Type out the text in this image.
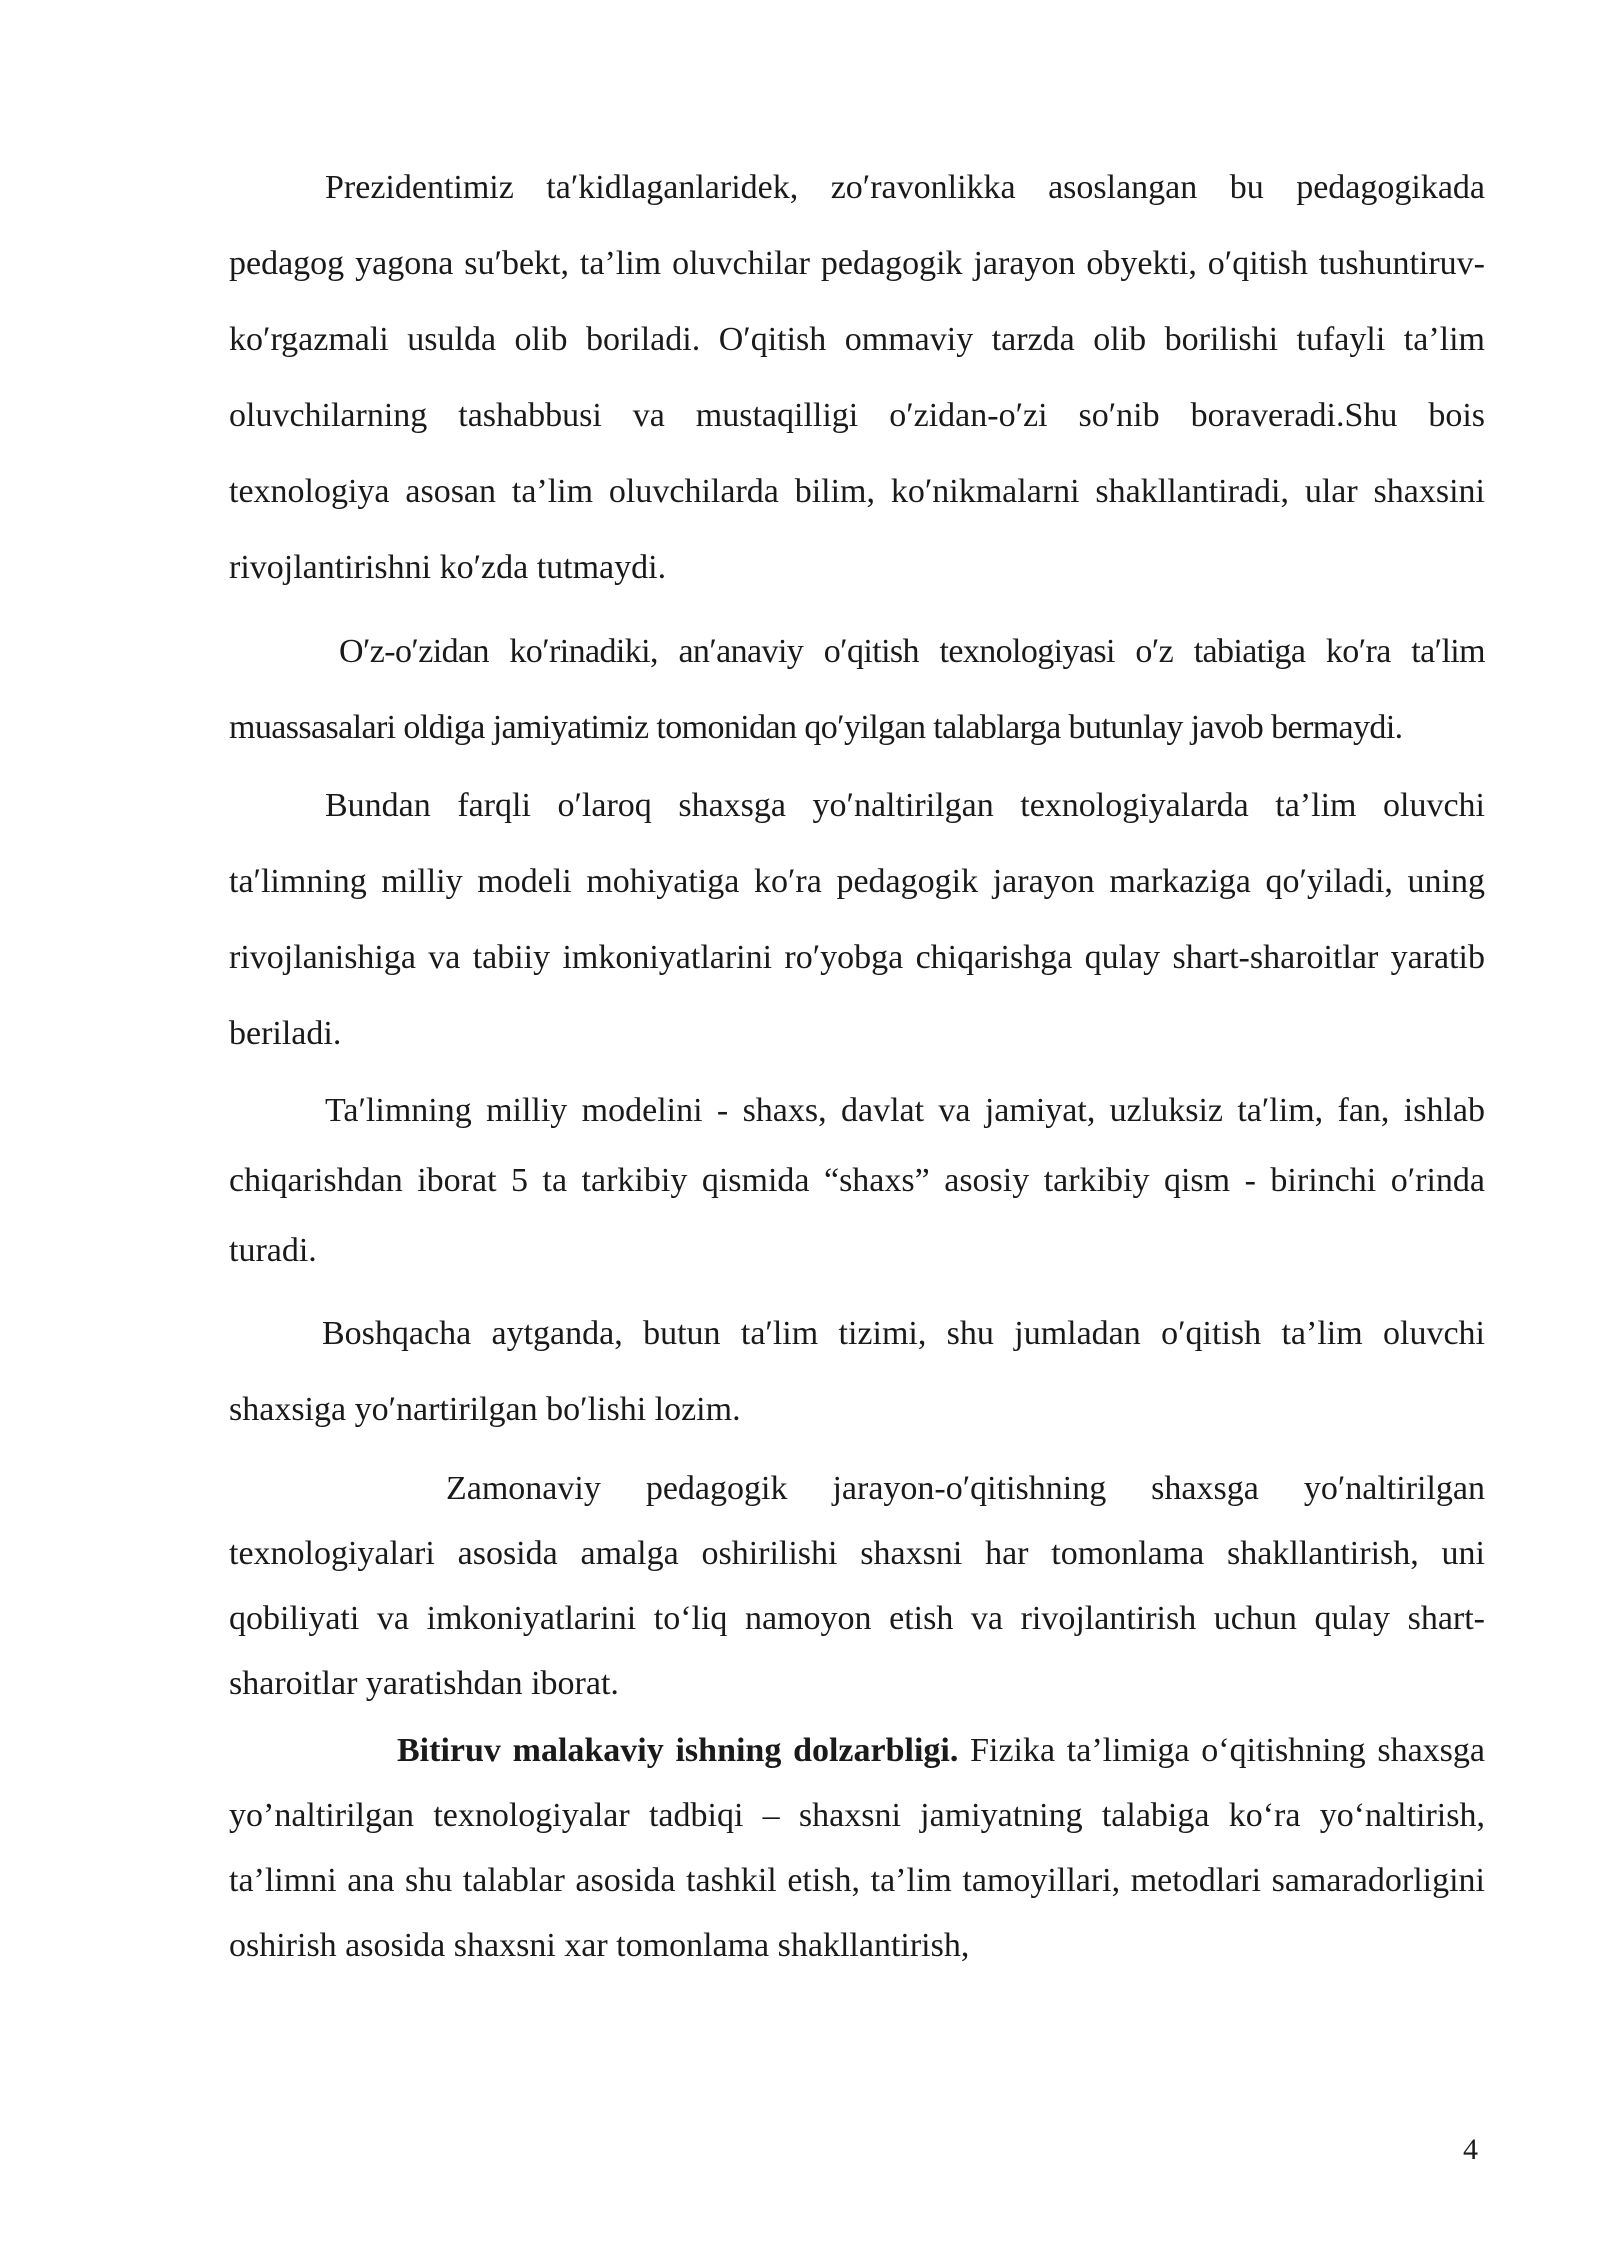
Prezidentimiz taʹkidlaganlaridek, zoʹravonlikka asoslangan bu pedagogikada pedagog yagona suʹbekt, ta’lim oluvchilar pedagogik jarayon obyekti, oʹqitish tushuntiruv-koʹrgazmali usulda olib boriladi. Oʹqitish ommaviy tarzda olib borilishi tufayli ta’lim oluvchilarning tashabbusi va mustaqilligi oʹzidan-oʹzi soʹnib boraveradi.Shu bois texnologiya asosan ta’lim oluvchilarda bilim, koʹnikmalarni shakllantiradi, ular shaxsini rivojlantirishni koʹzda tutmaydi.

Oʹz-oʹzidan koʹrinadiki, anʹanaviy oʹqitish texnologiyasi oʹz tabiatiga koʹra taʹlim muassasalari oldiga jamiyatimiz tomonidan qoʹyilgan talablarga butunlay javob bermaydi.

Bundan farqli oʹlaroq shaxsga yoʹnaltirilgan texnologiyalarda ta’lim oluvchi taʹlimning milliy modeli mohiyatiga koʹra pedagogik jarayon markaziga qoʹyiladi, uning rivojlanishiga va tabiiy imkoniyatlarini roʹyobga chiqarishga qulay shart-sharoitlar yaratib beriladi.

Taʹlimning milliy modelini - shaxs, davlat va jamiyat, uzluksiz taʹlim, fan, ishlab chiqarishdan iborat 5 ta tarkibiy qismida “shaxs” asosiy tarkibiy qism - birinchi oʹrinda turadi.

Boshqacha aytganda, butun taʹlim tizimi, shu jumladan oʹqitish ta’lim oluvchi shaxsiga yoʹnartirilgan boʹlishi lozim.

Zamonaviy pedagogik jarayon-oʹqitishning shaxsga yoʹnaltirilgan texnologiyalari asosida amalga oshirilishi shaxsni har tomonlama shakllantirish, uni qobiliyati va imkoniyatlarini toʻliq namoyon etish va rivojlantirish uchun qulay shart-sharoitlar yaratishdan iborat.

Bitiruv malakaviy ishning dolzarbligi. Fizika ta’limiga oʻqitishning shaxsga yo’naltirilgan texnologiyalar tadbiqi – shaxsni jamiyatning talabiga koʻra yoʻnaltirish, ta’limni ana shu talablar asosida tashkil etish, ta’lim tamoyillari, metodlari samaradorligini oshirish asosida shaxsni xar tomonlama shakllantirish,

4
